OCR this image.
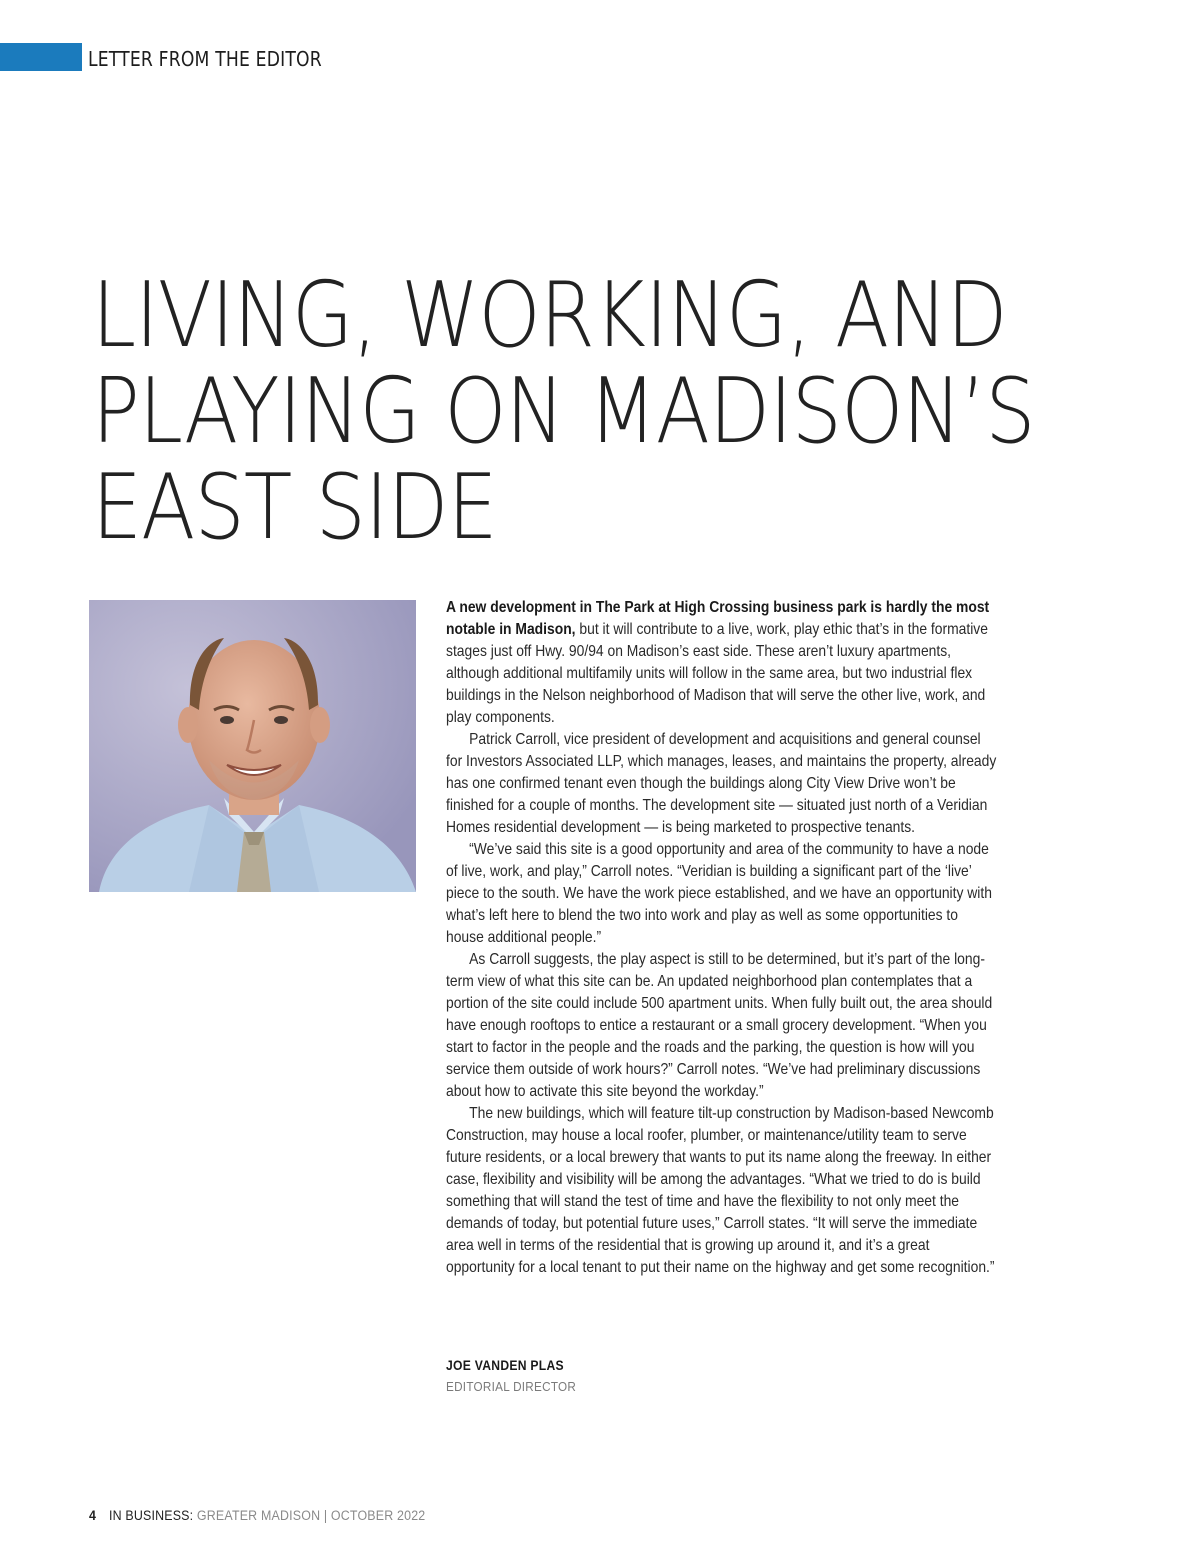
LETTER FROM THE EDITOR
LIVING, WORKING, AND
PLAYING ON MADISON’S
EAST SIDE

A new development in The Park at High Crossing business park is hardly the most notable in Madison, but it will contribute to a live, work, play ethic that’s in the formative stages just off Hwy. 90/94 on Madison’s east side. These aren’t luxury apartments, although additional multifamily units will follow in the same area, but two industrial flex buildings in the Nelson neighborhood of Madison that will serve the other live, work, and play components.

Patrick Carroll, vice president of development and acquisitions and general counsel for Investors Associated LLP, which manages, leases, and maintains the property, already has one confirmed tenant even though the buildings along City View Drive won’t be finished for a couple of months. The development site — situated just north of a Veridian Homes residential development — is being marketed to prospective tenants.

“We’ve said this site is a good opportunity and area of the community to have a node of live, work, and play,” Carroll notes. “Veridian is building a significant part of the ‘live’ piece to the south. We have the work piece established, and we have an opportunity with what’s left here to blend the two into work and play as well as some opportunities to house additional people.”

As Carroll suggests, the play aspect is still to be determined, but it’s part of the long-term view of what this site can be. An updated neighborhood plan contemplates that a portion of the site could include 500 apartment units. When fully built out, the area should have enough rooftops to entice a restaurant or a small grocery development. “When you start to factor in the people and the roads and the parking, the question is how will you service them outside of work hours?” Carroll notes. “We’ve had preliminary discussions about how to activate this site beyond the workday.”

The new buildings, which will feature tilt-up construction by Madison-based Newcomb Construction, may house a local roofer, plumber, or maintenance/utility team to serve future residents, or a local brewery that wants to put its name along the freeway. In either case, flexibility and visibility will be among the advantages. “What we tried to do is build something that will stand the test of time and have the flexibility to not only meet the demands of today, but potential future uses,” Carroll states. “It will serve the immediate area well in terms of the residential that is growing up around it, and it’s a great opportunity for a local tenant to put their name on the highway and get some recognition.”

JOE VANDEN PLAS
EDITORIAL DIRECTOR
4 IN BUSINESS: GREATER MADISON | OCTOBER 2022
